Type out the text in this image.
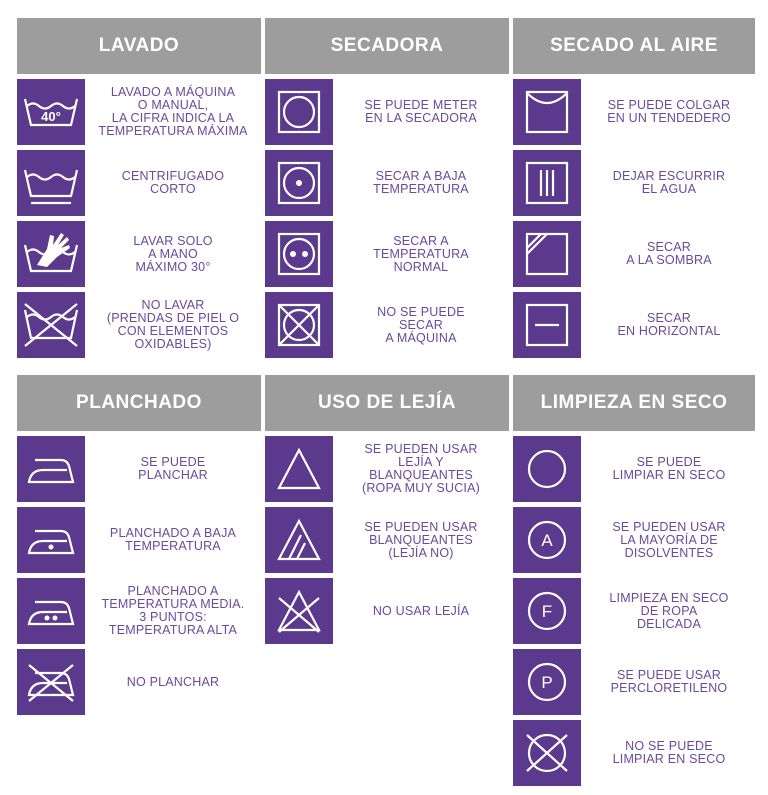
LAVADO	SECADORA	SECADO AL AIRE
40°
LAVADO A MÁQUINA
O MANUAL,
LA CIFRA INDICA LA
TEMPERATURA MÁXIMA
CENTRIFUGADO
CORTO
LAVAR SOLO
A MANO
MÁXIMO 30°
NO LAVAR
(PRENDAS DE PIEL O
CON ELEMENTOS
OXIDABLES)
SE PUEDE METER
EN LA SECADORA
SECAR A BAJA
TEMPERATURA
SECAR A
TEMPERATURA
NORMAL
NO SE PUEDE
SECAR
A MÁQUINA
SE PUEDE COLGAR
EN UN TENDEDERO
DEJAR ESCURRIR
EL AGUA
SECAR
A LA SOMBRA
SECAR
EN HORIZONTAL
PLANCHADO	USO DE LEJÍA	LIMPIEZA EN SECO
SE PUEDE
PLANCHAR
PLANCHADO A BAJA
TEMPERATURA
PLANCHADO A
TEMPERATURA MEDIA.
3 PUNTOS:
TEMPERATURA ALTA
NO PLANCHAR
SE PUEDEN USAR
LEJÍA Y
BLANQUEANTES
(ROPA MUY SUCIA)
SE PUEDEN USAR
BLANQUEANTES
(LEJÍA NO)
NO USAR LEJÍA
SE PUEDE
LIMPIAR EN SECO
A
SE PUEDEN USAR
LA MAYORÍA DE
DISOLVENTES
F
LIMPIEZA EN SECO
DE ROPA
DELICADA
P	SE PUEDE USAR
PERCLORETILENO
NO SE PUEDE
LIMPIAR EN SECO
